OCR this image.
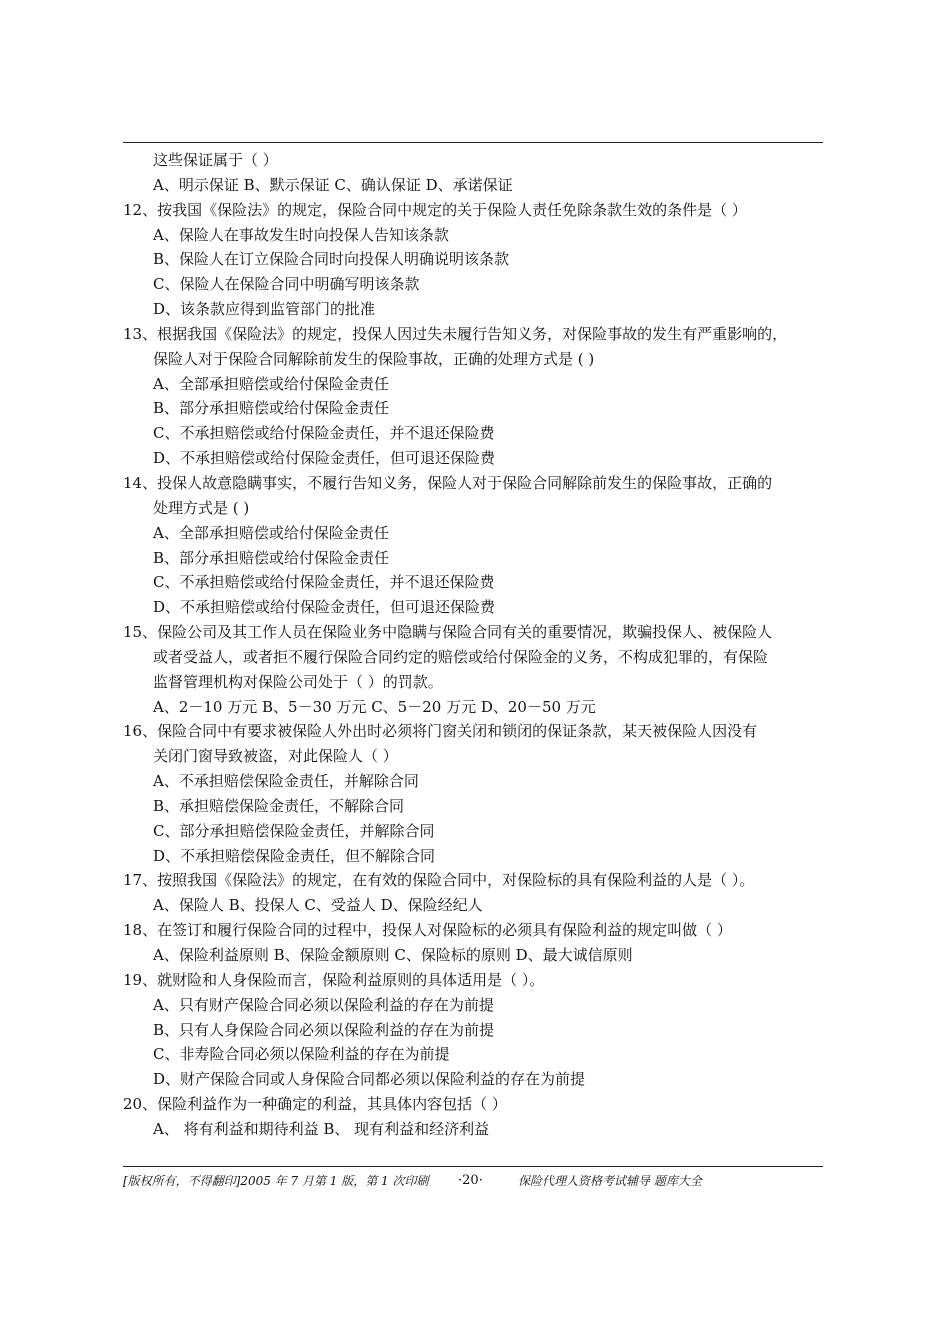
这些保证属于（ ）
A、明示保证 B、默示保证 C、确认保证 D、承诺保证
12、按我国《保险法》的规定，保险合同中规定的关于保险人责任免除条款生效的条件是（ ）
A、保险人在事故发生时向投保人告知该条款
B、保险人在订立保险合同时向投保人明确说明该条款
C、保险人在保险合同中明确写明该条款
D、该条款应得到监管部门的批准
13、根据我国《保险法》的规定，投保人因过失未履行告知义务，对保险事故的发生有严重影响的，
保险人对于保险合同解除前发生的保险事故，正确的处理方式是 ( )
A、全部承担赔偿或给付保险金责任
B、部分承担赔偿或给付保险金责任
C、不承担赔偿或给付保险金责任，并不退还保险费
D、不承担赔偿或给付保险金责任，但可退还保险费
14、投保人故意隐瞒事实，不履行告知义务，保险人对于保险合同解除前发生的保险事故，正确的
处理方式是 ( )
A、全部承担赔偿或给付保险金责任
B、部分承担赔偿或给付保险金责任
C、不承担赔偿或给付保险金责任，并不退还保险费
D、不承担赔偿或给付保险金责任，但可退还保险费
15、保险公司及其工作人员在保险业务中隐瞒与保险合同有关的重要情况，欺骗投保人、被保险人
或者受益人，或者拒不履行保险合同约定的赔偿或给付保险金的义务，不构成犯罪的，有保险
监督管理机构对保险公司处于（ ）的罚款。
A、2－10 万元 B、5－30 万元 C、5－20 万元 D、20－50 万元
16、保险合同中有要求被保险人外出时必须将门窗关闭和锁闭的保证条款，某天被保险人因没有
关闭门窗导致被盗，对此保险人（ ）
A、不承担赔偿保险金责任，并解除合同
B、承担赔偿保险金责任，不解除合同
C、部分承担赔偿保险金责任，并解除合同
D、不承担赔偿保险金责任，但不解除合同
17、按照我国《保险法》的规定，在有效的保险合同中，对保险标的具有保险利益的人是（ ）。
A、保险人 B、投保人 C、受益人 D、保险经纪人
18、在签订和履行保险合同的过程中，投保人对保险标的必须具有保险利益的规定叫做（ ）
A、保险利益原则 B、保险金额原则 C、保险标的原则 D、最大诚信原则
19、就财险和人身保险而言，保险利益原则的具体适用是（ ）。
A、只有财产保险合同必须以保险利益的存在为前提
B、只有人身保险合同必须以保险利益的存在为前提
C、非寿险合同必须以保险利益的存在为前提
D、财产保险合同或人身保险合同都必须以保险利益的存在为前提
20、保险利益作为一种确定的利益，其具体内容包括（ ）
A、 将有利益和期待利益 B、 现有利益和经济利益
[版权所有，不得翻印]2005 年 7 月第 1 版，第 1 次印刷 ·20·	保险代理人资格考试辅导 题库大全
